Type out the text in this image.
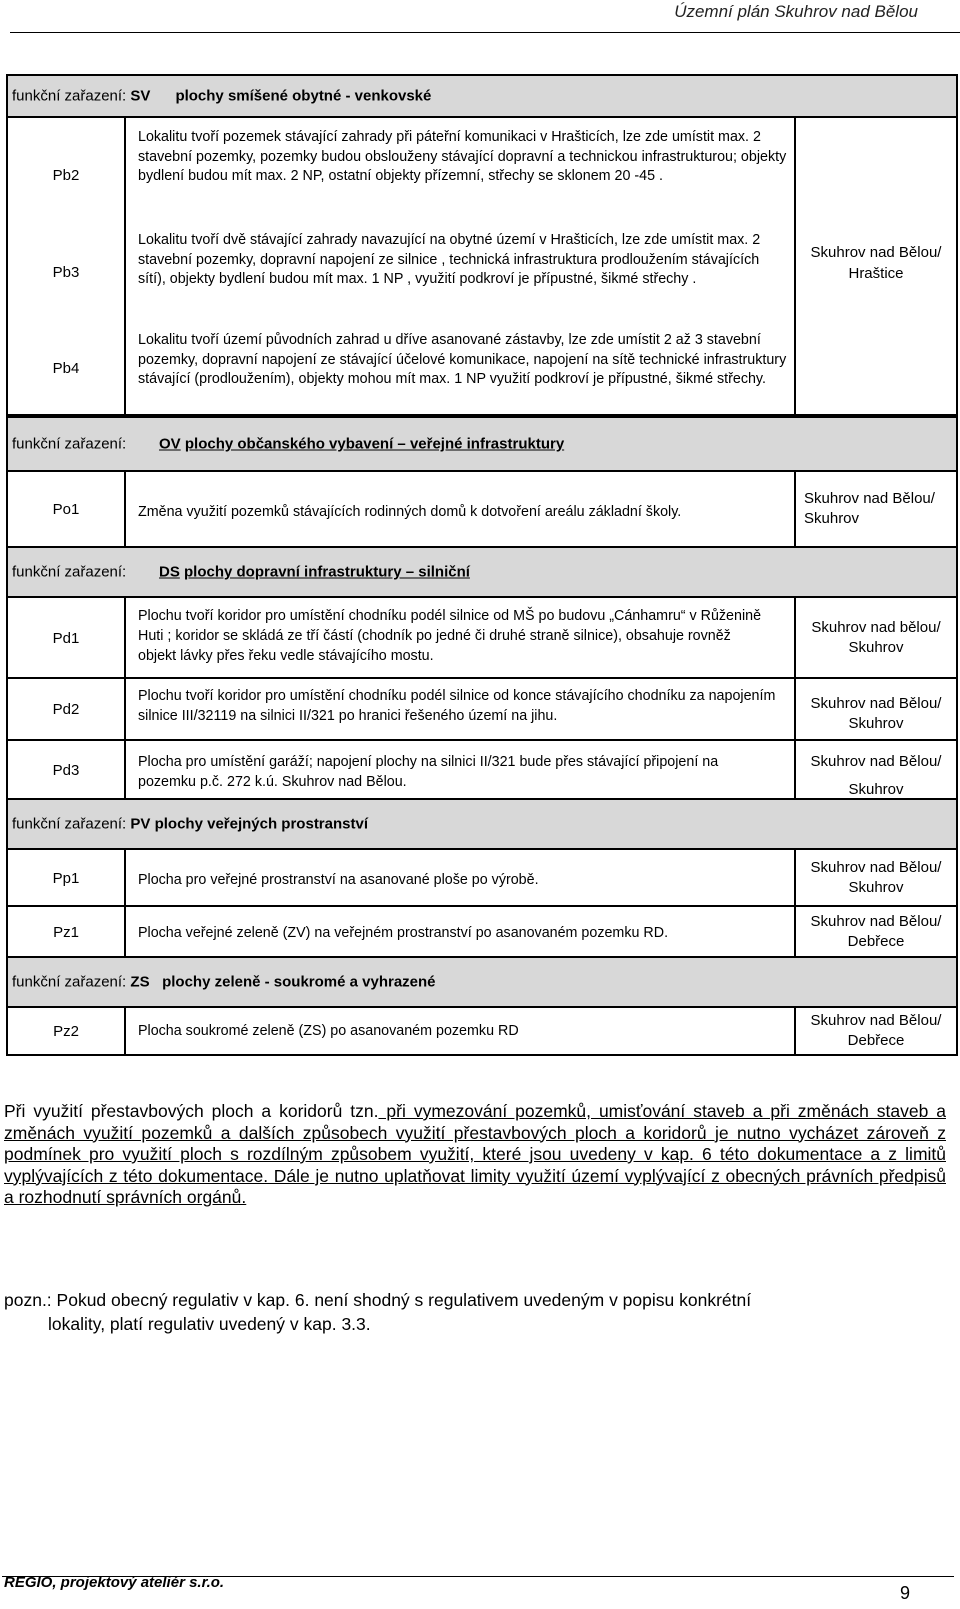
Územní plán Skuhrov nad Bělou
funkční zařazení: SV plochy smíšené obytné - venkovské
Pb2
Pb3
Pb4
Lokalitu tvoří pozemek stávající zahrady při páteřní komunikaci v Hrašticích, lze zde umístit max. 2 stavební pozemky, pozemky budou obslouženy stávající dopravní a technickou infrastrukturou; objekty bydlení budou mít max. 2 NP, ostatní objekty přízemní, střechy se sklonem 20 -45 .
Lokalitu tvoří dvě stávající zahrady navazující na obytné území v Hrašticích, lze zde umístit max. 2 stavební pozemky, dopravní napojení ze silnice , technická infrastruktura prodloužením stávajících sítí), objekty bydlení budou mít max. 1 NP , využití podkroví je přípustné, šikmé střechy .
Lokalitu tvoří území původních zahrad u dříve asanované zástavby, lze zde umístit 2 až 3 stavební pozemky, dopravní napojení ze stávající účelové komunikace, napojení na sítě technické infrastruktury stávající (prodloužením), objekty mohou mít max. 1 NP využití podkroví je přípustné, šikmé střechy.
Skuhrov nad Bělou/
Hraštice
funkční zařazení: OV plochy občanského vybavení – veřejné infrastruktury
Po1	Změna využití pozemků stávajících rodinných domů k dotvoření areálu základní školy.
Skuhrov nad Bělou/
Skuhrov
funkční zařazení: DS plochy dopravní infrastruktury – silniční
Pd1
Pd2
Pd3
Plochu tvoří koridor pro umístění chodníku podél silnice od MŠ po budovu „Cánhamru“ v Růženině Huti ; koridor se skládá ze tří částí (chodník po jedné či druhé straně silnice), obsahuje rovněž objekt lávky přes řeku vedle stávajícího mostu.
Plochu tvoří koridor pro umístění chodníku podél silnice od konce stávajícího chodníku za napojením silnice III/32119 na silnici II/321 po hranici řešeného území na jihu.
Plocha pro umístění garáží; napojení plochy na silnici II/321 bude přes stávající připojení na pozemku p.č. 272 k.ú. Skuhrov nad Bělou.
Skuhrov nad bělou/
Skuhrov
Skuhrov nad Bělou/
Skuhrov
Skuhrov nad Bělou/
Skuhrov
funkční zařazení: PV plochy veřejných prostranství
Pp1
Pz1
Plocha pro veřejné prostranství na asanované ploše po výrobě.
Plocha veřejné zeleně (ZV) na veřejném prostranství po asanovaném pozemku RD.
Skuhrov nad Bělou/
Skuhrov
Skuhrov nad Bělou/
Debřece
funkční zařazení: ZS plochy zeleně - soukromé a vyhrazené
Pz2	Plocha soukromé zeleně (ZS) po asanovaném pozemku RD
Skuhrov nad Bělou/
Debřece
Při využití přestavbových ploch a koridorů tzn. při vymezování pozemků, umisťování staveb a při změnách staveb a změnách využití pozemků a dalších způsobech využití přestavbových ploch a koridorů je nutno vycházet zároveň z podmínek pro využití ploch s rozdílným způsobem využití, které jsou uvedeny v kap. 6 této dokumentace a z limitů vyplývajících z této dokumentace. Dále je nutno uplatňovat limity využití území vyplývající z obecných právních předpisů a rozhodnutí správních orgánů.
pozn.: Pokud obecný regulativ v kap. 6. není shodný s regulativem uvedeným v popisu konkrétní
lokality, platí regulativ uvedený v kap. 3.3.
REGIO, projektový ateliér s.r.o.
9
